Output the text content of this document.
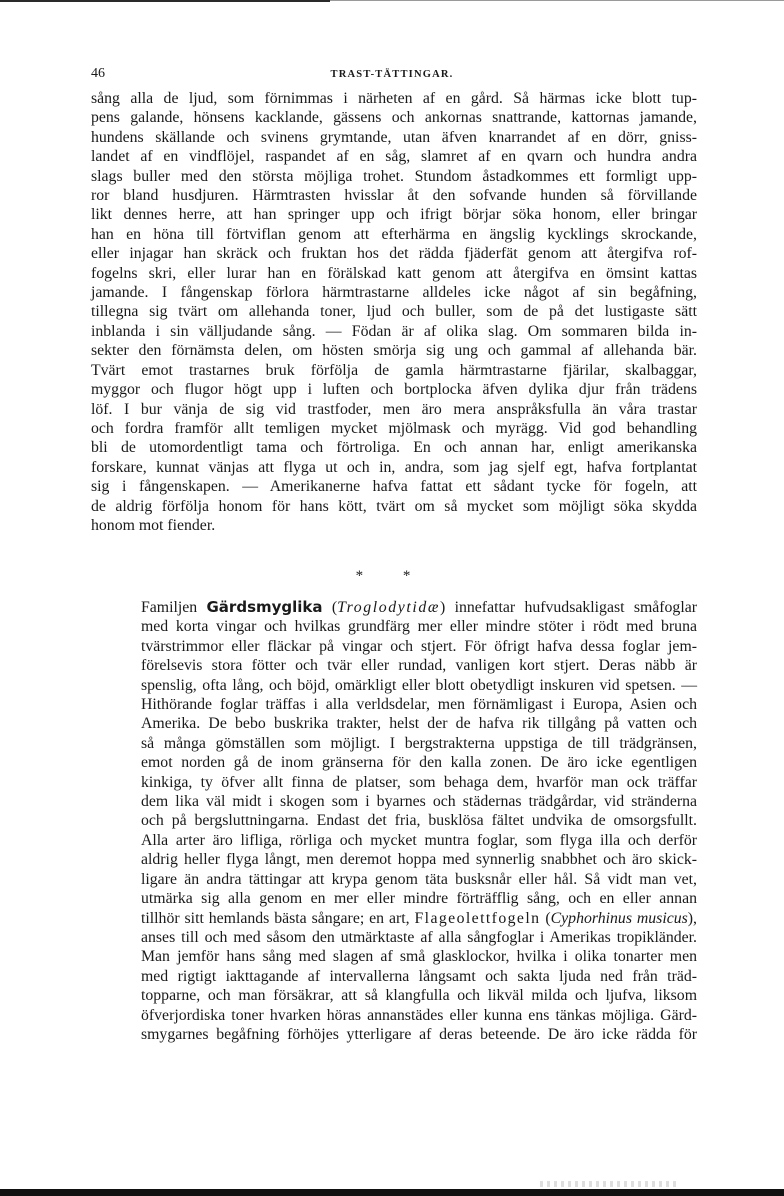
46	TRAST-TÄTTINGAR.

sång alla de ljud, som förnimmas i närheten af en gård. Så härmas icke blott tup-
pens galande, hönsens kacklande, gässens och ankornas snattrande, kattornas jamande,
hundens skällande och svinens grymtande, utan äfven knarrandet af en dörr, gniss-
landet af en vindflöjel, raspandet af en såg, slamret af en qvarn och hundra andra
slags buller med den största möjliga trohet. Stundom åstadkommes ett formligt upp-
ror bland husdjuren. Härmtrasten hvisslar åt den sofvande hunden så förvillande
likt dennes herre, att han springer upp och ifrigt börjar söka honom, eller bringar
han en höna till förtviflan genom att efterhärma en ängslig kycklings skrockande,
eller injagar han skräck och fruktan hos det rädda fjäderfät genom att återgifva rof-
fogelns skri, eller lurar han en förälskad katt genom att återgifva en ömsint kattas
jamande. I fångenskap förlora härmtrastarne alldeles icke något af sin begåfning,
tillegna sig tvärt om allehanda toner, ljud och buller, som de på det lustigaste sätt
inblanda i sin välljudande sång. — Födan är af olika slag. Om sommaren bilda in-
sekter den förnämsta delen, om hösten smörja sig ung och gammal af allehanda bär.
Tvärt emot trastarnes bruk förfölja de gamla härmtrastarne fjärilar, skalbaggar,
myggor och flugor högt upp i luften och bortplocka äfven dylika djur från trädens
löf. I bur vänja de sig vid trastfoder, men äro mera anspråksfulla än våra trastar
och fordra framför allt temligen mycket mjölmask och myrägg. Vid god behandling
bli de utomordentligt tama och förtroliga. En och annan har, enligt amerikanska
forskare, kunnat vänjas att flyga ut och in, andra, som jag sjelf egt, hafva fortplantat
sig i fångenskapen. — Amerikanerne hafva fattat ett sådant tycke för fogeln, att
de aldrig förfölja honom för hans kött, tvärt om så mycket som möjligt söka skydda
honom mot fiender.

* *

Familjen Gärdsmyglika (Troglodytidæ) innefattar hufvudsakligast småfoglar
med korta vingar och hvilkas grundfärg mer eller mindre stöter i rödt med bruna
tvärstrimmor eller fläckar på vingar och stjert. För öfrigt hafva dessa foglar jem-
förelsevis stora fötter och tvär eller rundad, vanligen kort stjert. Deras näbb är
spenslig, ofta lång, och böjd, omärkligt eller blott obetydligt inskuren vid spetsen. —
Hithörande foglar träffas i alla verldsdelar, men förnämligast i Europa, Asien och
Amerika. De bebo buskrika trakter, helst der de hafva rik tillgång på vatten och
så många gömställen som möjligt. I bergstrakterna uppstiga de till trädgränsen,
emot norden gå de inom gränserna för den kalla zonen. De äro icke egentligen
kinkiga, ty öfver allt finna de platser, som behaga dem, hvarför man ock träffar
dem lika väl midt i skogen som i byarnes och städernas trädgårdar, vid stränderna
och på bergsluttningarna. Endast det fria, busklösa fältet undvika de omsorgsfullt.
Alla arter äro lifliga, rörliga och mycket muntra foglar, som flyga illa och derför
aldrig heller flyga långt, men deremot hoppa med synnerlig snabbhet och äro skick-
ligare än andra tättingar att krypa genom täta busksnår eller hål. Så vidt man vet,
utmärka sig alla genom en mer eller mindre förträfflig sång, och en eller annan
tillhör sitt hemlands bästa sångare; en art, Flageolettfogeln (Cyphorhinus musicus),
anses till och med såsom den utmärktaste af alla sångfoglar i Amerikas tropikländer.
Man jemför hans sång med slagen af små glasklockor, hvilka i olika tonarter men
med rigtigt iakttagande af intervallerna långsamt och sakta ljuda ned från träd-
topparne, och man försäkrar, att så klangfulla och likväl milda och ljufva, liksom
öfverjordiska toner hvarken höras annanstädes eller kunna ens tänkas möjliga. Gärd-
smygarnes begåfning förhöjes ytterligare af deras beteende. De äro icke rädda för
